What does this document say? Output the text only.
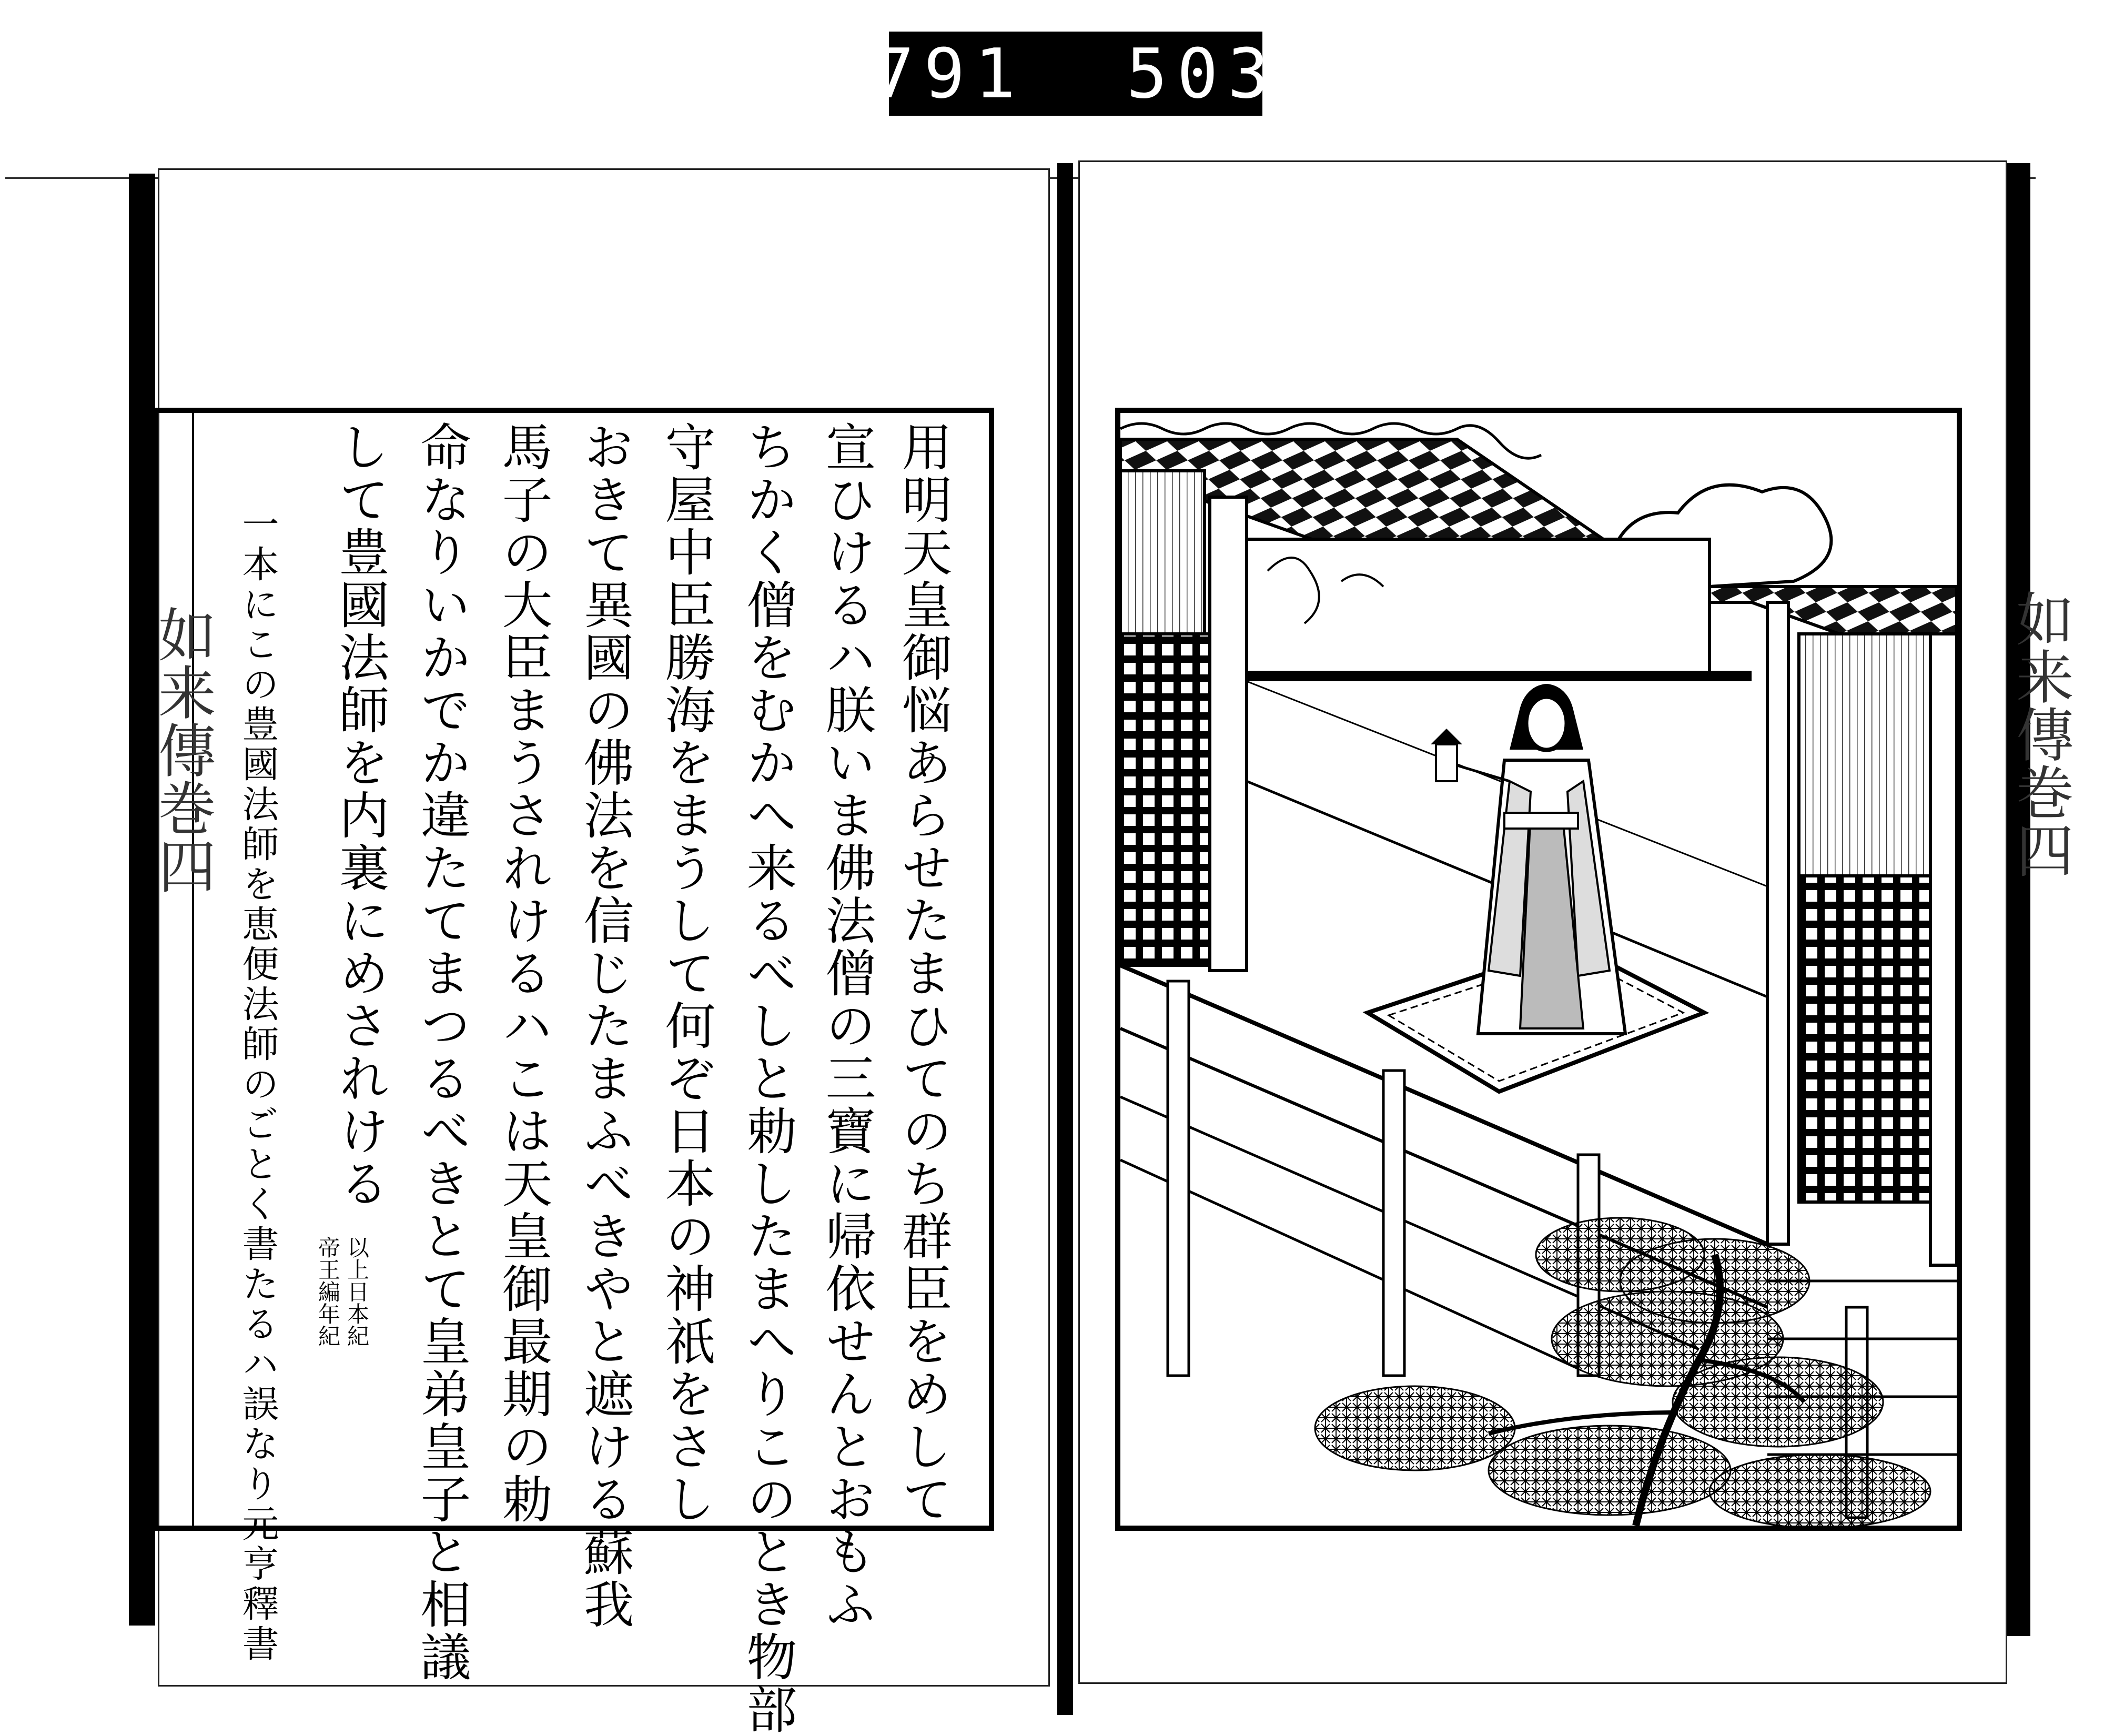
791  503
如来傳巻四	用明天皇御悩あらせたまひてのち群臣をめして
宣ひけるハ朕いま佛法僧の三寶に帰依せんとおもふ
ちかく僧をむかへ来るべしと勅したまへりこのとき物部
守屋中臣勝海をまうして何ぞ日本の神祇をさし
おきて異國の佛法を信じたまふべきやと遮ける蘇我
馬子の大臣まうされけるハこは天皇御最期の勅
命なりいかでか違たてまつるべきとて皇弟皇子と相議
して豊國法師を内裏にめされける
以上日本紀
帝王編年紀
一本にこの豊國法師を恵便法師のごとく書たるハ誤なり元亨釋書	如来傳巻四
